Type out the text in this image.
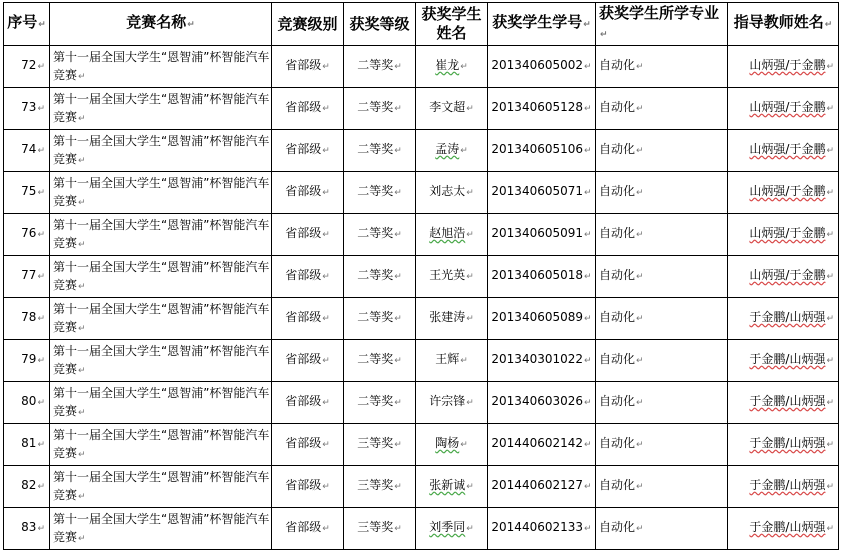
序号↵	竞赛名称↵	竞赛级别	获奖等级	获奖学生姓名	获奖学生学号↵	获奖学生所学专业↵	指导教师姓名↵
72↵	第十一届全国大学生“恩智浦”杯智能汽车竞赛↵	省部级↵	二等奖↵	崔龙↵	201340605002↵	自动化↵	山炳强/于金鹏↵
73↵	第十一届全国大学生“恩智浦”杯智能汽车竞赛↵	省部级↵	二等奖↵	李文超↵	201340605128↵	自动化↵	山炳强/于金鹏↵
74↵	第十一届全国大学生“恩智浦”杯智能汽车竞赛↵	省部级↵	二等奖↵	孟涛↵	201340605106↵	自动化↵	山炳强/于金鹏↵
75↵	第十一届全国大学生“恩智浦”杯智能汽车竞赛↵	省部级↵	二等奖↵	刘志太↵	201340605071↵	自动化↵	山炳强/于金鹏↵
76↵	第十一届全国大学生“恩智浦”杯智能汽车竞赛↵	省部级↵	二等奖↵	赵旭浩↵	201340605091↵	自动化↵	山炳强/于金鹏↵
77↵	第十一届全国大学生“恩智浦”杯智能汽车竞赛↵	省部级↵	二等奖↵	王光英↵	201340605018↵	自动化↵	山炳强/于金鹏↵
78↵	第十一届全国大学生“恩智浦”杯智能汽车竞赛↵	省部级↵	二等奖↵	张建涛↵	201340605089↵	自动化↵	于金鹏/山炳强↵
79↵	第十一届全国大学生“恩智浦”杯智能汽车竞赛↵	省部级↵	二等奖↵	王辉↵	201340301022↵	自动化↵	于金鹏/山炳强↵
80↵	第十一届全国大学生“恩智浦”杯智能汽车竞赛↵	省部级↵	二等奖↵	许宗锋↵	201340603026↵	自动化↵	于金鹏/山炳强↵
81↵	第十一届全国大学生“恩智浦”杯智能汽车竞赛↵	省部级↵	三等奖↵	陶杨↵	201440602142↵	自动化↵	于金鹏/山炳强↵
82↵	第十一届全国大学生“恩智浦”杯智能汽车竞赛↵	省部级↵	三等奖↵	张新诚↵	201440602127↵	自动化↵	于金鹏/山炳强↵
83↵	第十一届全国大学生“恩智浦”杯智能汽车竞赛↵	省部级↵	三等奖↵	刘季同↵	201440602133↵	自动化↵	于金鹏/山炳强↵
